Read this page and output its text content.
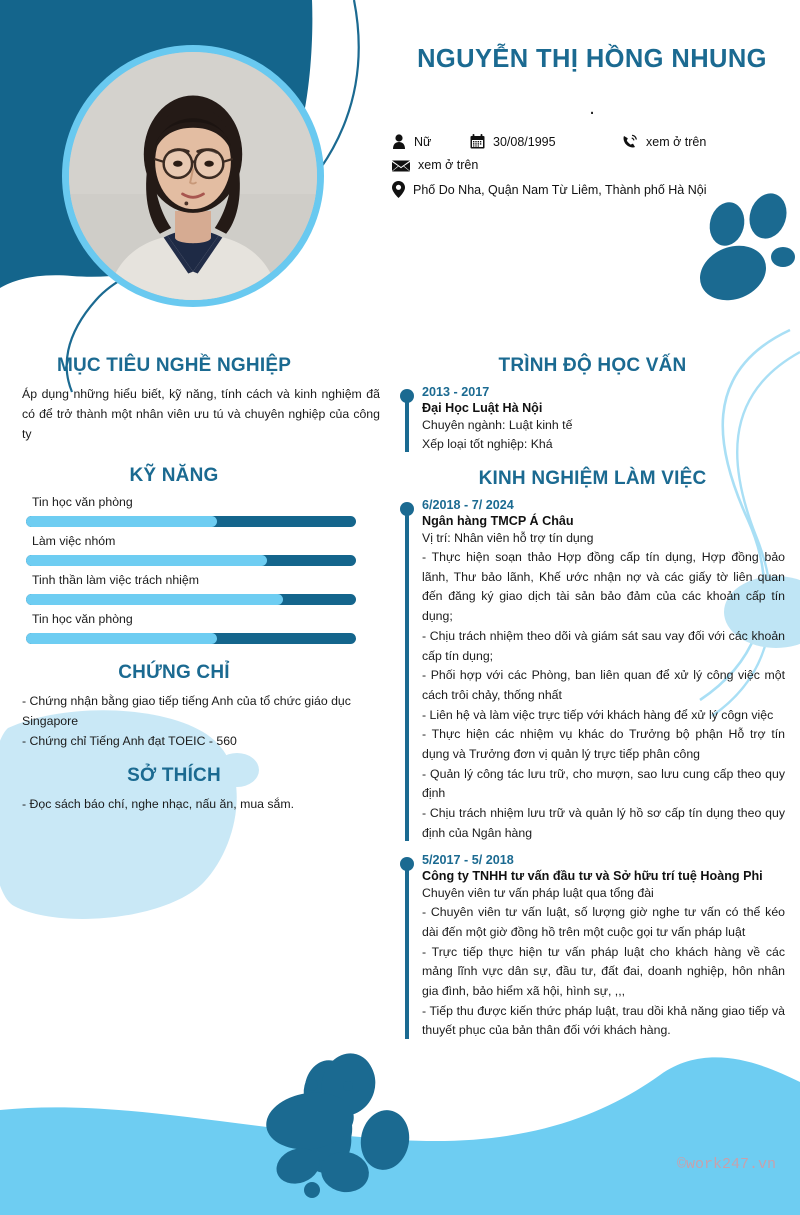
NGUYỄN THỊ HỒNG NHUNG
.
Nữ	30/08/1995	xem ở trên
xem ở trên
Phố Do Nha, Quận Nam Từ Liêm, Thành phố Hà Nội
MỤC TIÊU NGHỀ NGHIỆP
Áp dụng những hiểu biết, kỹ năng, tính cách và kinh nghiệm đã có để trở thành một nhân viên ưu tú và chuyên nghiệp của công ty
KỸ NĂNG
Tin học văn phòng
Làm việc nhóm
Tinh thần làm việc trách nhiệm
Tin học văn phòng
CHỨNG CHỈ
- Chứng nhận bằng giao tiếp tiếng Anh của tổ chức giáo dục Singapore
- Chứng chỉ Tiếng Anh đạt TOEIC - 560
SỞ THÍCH
- Đọc sách báo chí, nghe nhạc, nấu ăn, mua sắm.
TRÌNH ĐỘ HỌC VẤN
2013 - 2017
Đại Học Luật Hà Nội
Chuyên ngành: Luật kinh tế
Xếp loại tốt nghiệp: Khá
KINH NGHIỆM LÀM VIỆC
6/2018 - 7/ 2024
Ngân hàng TMCP Á Châu
Vị trí: Nhân viên hỗ trợ tín dụng
- Thực hiện soạn thảo Hợp đồng cấp tín dụng, Hợp đồng bảo lãnh, Thư bảo lãnh, Khế ước nhận nợ và các giấy tờ liên quan đến đăng ký giao dịch tài sản bảo đảm của các khoản cấp tín dụng;
- Chịu trách nhiệm theo dõi và giám sát sau vay đối với các khoản cấp tín dụng;
- Phối hợp với các Phòng, ban liên quan để xử lý công việc một cách trôi chảy, thống nhất
- Liên hệ và làm việc trực tiếp với khách hàng để xử lý côgn việc
- Thực hiện các nhiệm vụ khác do Trưởng bộ phận Hỗ trợ tín dụng và Trưởng đơn vị quản lý trực tiếp phân công
- Quản lý công tác lưu trữ, cho mượn, sao lưu cung cấp theo quy định
- Chịu trách nhiệm lưu trữ và quản lý hồ sơ cấp tín dụng theo quy định của Ngân hàng
5/2017 - 5/ 2018
Công ty TNHH tư vấn đầu tư và Sở hữu trí tuệ Hoàng Phi
Chuyên viên tư vấn pháp luật qua tổng đài
- Chuyên viên tư vấn luật, số lượng giờ nghe tư vấn có thể kéo dài đến một giờ đồng hồ trên một cuộc gọi tư vấn pháp luật
- Trực tiếp thực hiện tư vấn pháp luật cho khách hàng về các mảng lĩnh vực dân sự, đầu tư, đất đai, doanh nghiệp, hôn nhân gia đình, bảo hiểm xã hội, hình sự, ,,,
- Tiếp thu được kiến thức pháp luật, trau dồi khả năng giao tiếp và thuyết phục của bản thân đối với khách hàng.
©work247.vn
